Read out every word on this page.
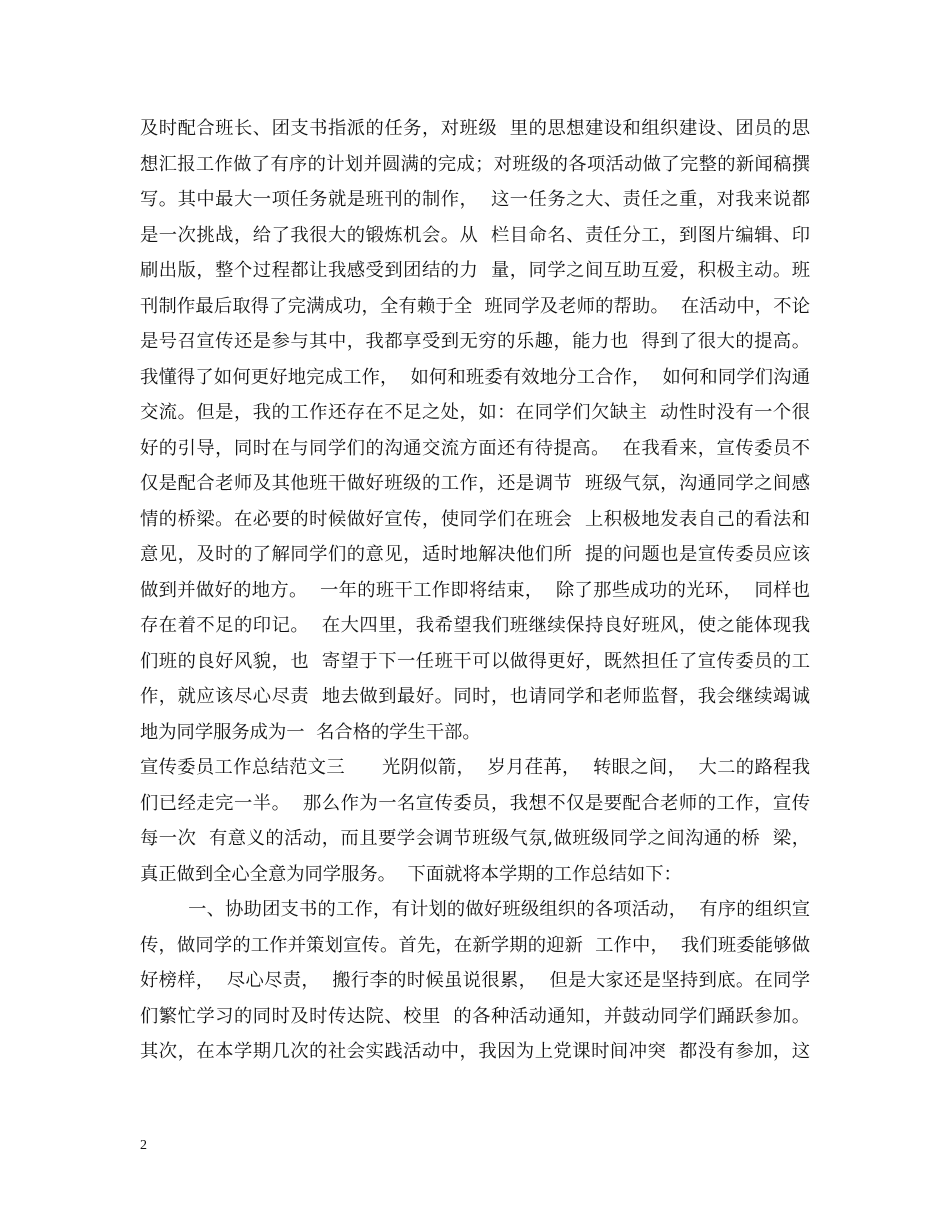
及时配合班长、团支书指派的任务，对班级  里的思想建设和组织建设、团员的思
想汇报工作做了有序的计划并圆满的完成；对班级的各项活动做了完整的新闻稿撰
写。其中最大一项任务就是班刊的制作，  这一任务之大、责任之重，对我来说都
是一次挑战，给了我很大的锻炼机会。从  栏目命名、责任分工，到图片编辑、印
刷出版，整个过程都让我感受到团结的力  量，同学之间互助互爱，积极主动。班
刊制作最后取得了完满成功，全有赖于全  班同学及老师的帮助。  在活动中，不论
是号召宣传还是参与其中，我都享受到无穷的乐趣，能力也  得到了很大的提高。
我懂得了如何更好地完成工作，  如何和班委有效地分工合作，  如何和同学们沟通
交流。但是，我的工作还存在不足之处，如：在同学们欠缺主  动性时没有一个很
好的引导，同时在与同学们的沟通交流方面还有待提高。  在我看来，宣传委员不
仅是配合老师及其他班干做好班级的工作，还是调节  班级气氛，沟通同学之间感
情的桥梁。在必要的时候做好宣传，使同学们在班会  上积极地发表自己的看法和
意见，及时的了解同学们的意见，适时地解决他们所  提的问题也是宣传委员应该
做到并做好的地方。  一年的班干工作即将结束，  除了那些成功的光环，  同样也
存在着不足的印记。  在大四里，我希望我们班继续保持良好班风，使之能体现我
们班的良好风貌，也  寄望于下一任班干可以做得更好，既然担任了宣传委员的工
作，就应该尽心尽责  地去做到最好。同时，也请同学和老师监督，我会继续竭诚
地为同学服务成为一  名合格的学生干部。
宣传委员工作总结范文三      光阴似箭，  岁月荏苒，  转眼之间，  大二的路程我
们已经走完一半。  那么作为一名宣传委员，我想不仅是要配合老师的工作，宣传
每一次  有意义的活动，而且要学会调节班级气氛,做班级同学之间沟通的桥  梁，
真正做到全心全意为同学服务。  下面就将本学期的工作总结如下：
一、协助团支书的工作，有计划的做好班级组织的各项活动，  有序的组织宣
传，做同学的工作并策划宣传。首先，在新学期的迎新  工作中，  我们班委能够做
好榜样，  尽心尽责，  搬行李的时候虽说很累，  但是大家还是坚持到底。在同学
们繁忙学习的同时及时传达院、校里  的各种活动通知，并鼓动同学们踊跃参加。
其次，在本学期几次的社会实践活动中，我因为上党课时间冲突  都没有参加，这
2
